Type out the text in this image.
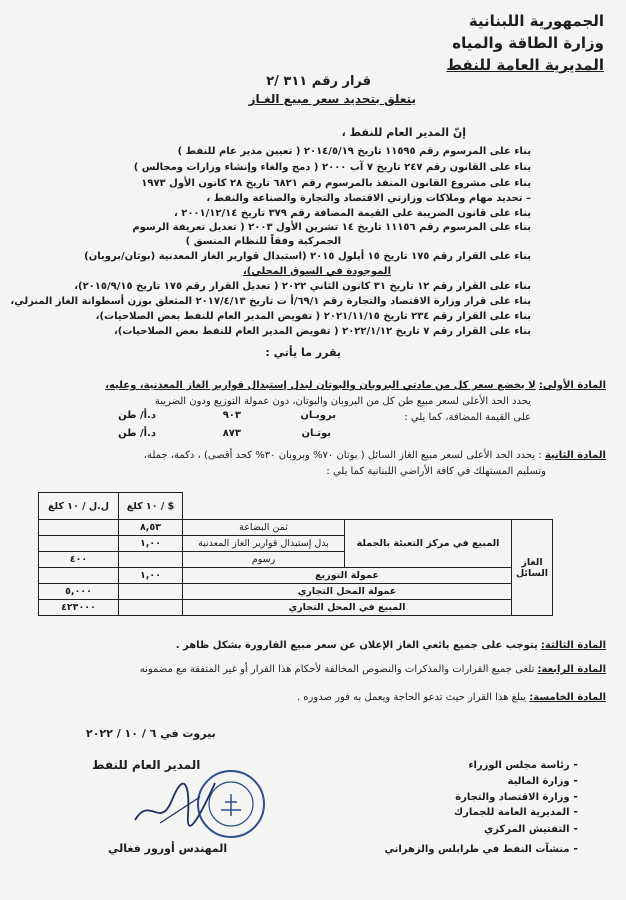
الجمهورية اللبنانية
وزارة الطاقة والمياه
المديرية العامة للنفط
قرار رقم ٣١١ /٢
يتعلق بتحديد سعر مبيع الغـاز
إنّ المدير العام للنفط ،
بناء على المرسوم رقم ١١٥٩٥ تاريخ ٢٠١٤/٥/١٩ ( تعيين مدير عام للنفط )
بناء على القانون رقم ٢٤٧ تاريخ ٧ آب ٢٠٠٠ ( دمج والغاء وإنشاء وزارات ومجالس )
بناء على مشروع القانون المنفذ بالمرسوم رقم ٦٨٢١ تاريخ ٢٨ كانون الأول ١٩٧٣
– تحديد مهام وملاكات وزارتي الاقتصاد والتجارة والصناعة والنفط ،
بناء على قانون الضريبة على القيمة المضافة رقم ٣٧٩ تاريخ ٢٠٠١/١٢/١٤ ،
بناء على المرسوم رقم ١١١٥٦ تاريخ ١٤ تشرين الأول ٢٠٠٣ ( تعديل تعريفة الرسوم
الجمركية وفقاً للنظام المنسق )
بناء على القرار رقم ١٧٥ تاريخ ١٥ أيلول ٢٠١٥ (استبدال قوارير الغاز المعدنية (بوتان/بروبان)
الموجودة في السوق المحلي)،
بناء على القرار رقم ١٢ تاريخ ٣١ كانون الثاني ٢٠٢٢ ( تعديل القرار رقم ١٧٥ تاريخ ٢٠١٥/٩/١٥)،
بناء على قرار وزارة الاقتصاد والتجارة رقم ٦٩/١/أ ت تاريخ ٢٠١٧/٤/١٣ المتعلق بوزن أسطوانة الغاز المنزلي،
بناء على القرار رقم ٢٣٤ تاريخ ٢٠٢١/١١/١٥ ( تفويض المدير العام للنفط بعض الصلاحيات)،
بناء على القرار رقم ٧ تاريخ ٢٠٢٢/١/١٢ ( تفويض المدير العام للنفط بعض الصلاحيات)،
يقرر ما يأتي :
المادة الأولى: لا يخضع سعر كل من مادتي البروبان والبوتان لبدل إستبدال قوارير الغاز المعدنية، وعليه،
يحدد الحد الأعلى لسعر مبيع طن كل من البروبان والبوتان، دون عمولة التوزيع ودون الضريبة
على القيمة المضافة، كما يلي :
بروبـان
٩٠٣
د.أ/ طن
بوتـان
٨٧٣
د.أ/ طن
المادة الثانية : يحدد الحد الأعلى لسعر مبيع الغاز السائل ( بوتان ٧٠% وبروبان ٣٠% كحد أقصى) ، دكمة، جملة،
وتسليم المستهلك في كافة الأراضي اللبنانية كما يلي :
			$ / ١٠ كلغ	ل.ل / ١٠ كلغ
الغاز السائل	المبيع في مركز التعبئة بالجملة	ثمن البضاعة	٨,٥٣	
		بدل إستبدال قوارير الغاز المعدنية	١,٠٠	
		رسوم		٤٠٠
	عمولة التوزيع		١,٠٠	
	عمولة المحل التجاري			٥,٠٠٠
	المبيع في المحل التجاري			٤٢٣٠٠٠
المادة الثالثة: يتوجب على جميع بائعي الغاز الإعلان عن سعر مبيع القارورة بشكل ظاهر .
المادة الرابعة: تلغى جميع القرارات والمذكرات والنصوص المخالفة لأحكام هذا القرار أو غير المتفقة مع مضمونه
المادة الخامسة: يبلغ هذا القرار حيث تدعو الحاجة ويعمل به فور صدوره .
بيروت في ٦ / ١٠ / ٢٠٢٢
المدير العام للنفط
المهندس أورور فغالي
- رئاسة مجلس الوزراء
- وزارة المالية
- وزارة الاقتصاد والتجارة
- المديرية العامة للجمارك
- التفتيش المركزي
- منشآت النفط في طرابلس والزهراني
